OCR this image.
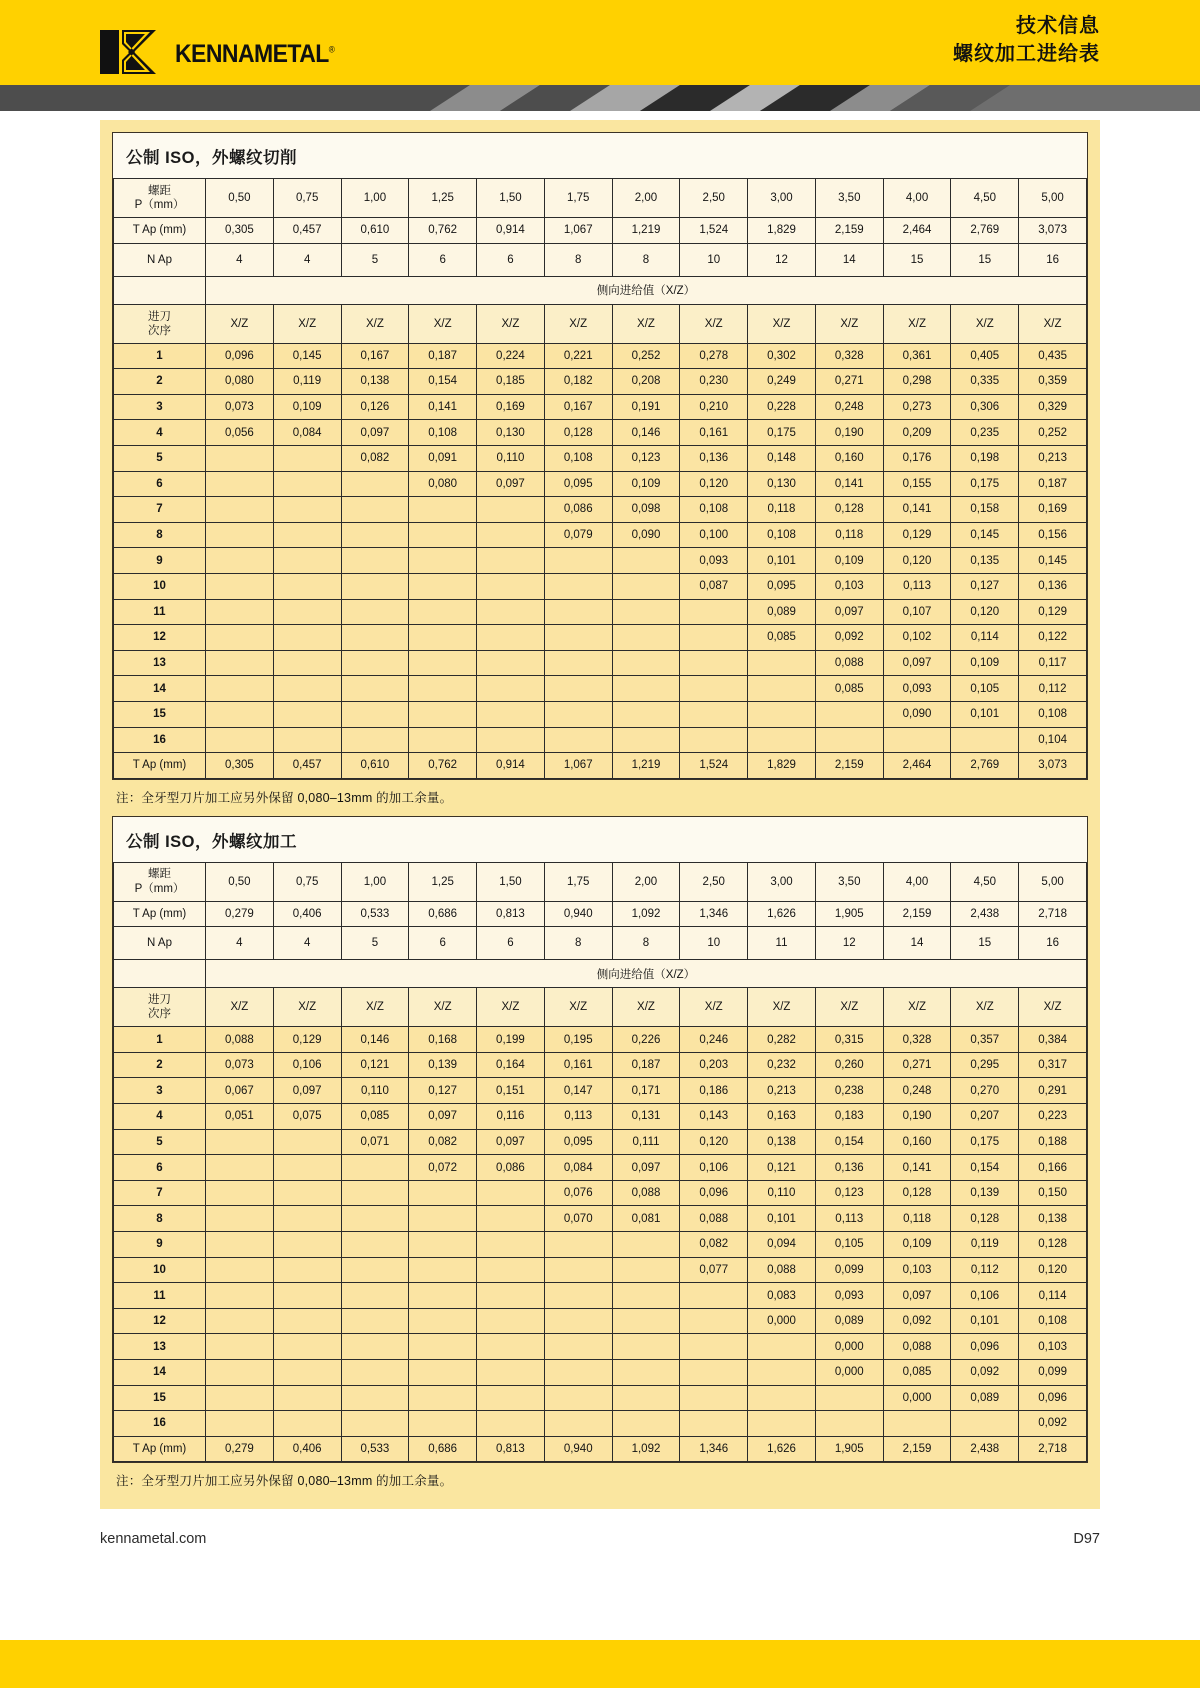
KENNAMETAL®
技术信息
螺纹加工进给表
公制 ISO，外螺纹切削
螺距
P（mm）	0,50	0,75	1,00	1,25	1,50	1,75	2,00	2,50	3,00	3,50	4,00	4,50	5,00
T Ap (mm)	0,305	0,457	0,610	0,762	0,914	1,067	1,219	1,524	1,829	2,159	2,464	2,769	3,073
N Ap	4	4	5	6	6	8	8	10	12	14	15	15	16
	侧向进给值（X/Z）												

进刀
次序	X/Z	X/Z	X/Z	X/Z	X/Z	X/Z	X/Z	X/Z	X/Z	X/Z	X/Z	X/Z	X/Z
1	0,096	0,145	0,167	0,187	0,224	0,221	0,252	0,278	0,302	0,328	0,361	0,405	0,435
2	0,080	0,119	0,138	0,154	0,185	0,182	0,208	0,230	0,249	0,271	0,298	0,335	0,359
3	0,073	0,109	0,126	0,141	0,169	0,167	0,191	0,210	0,228	0,248	0,273	0,306	0,329
4	0,056	0,084	0,097	0,108	0,130	0,128	0,146	0,161	0,175	0,190	0,209	0,235	0,252
5			0,082	0,091	0,110	0,108	0,123	0,136	0,148	0,160	0,176	0,198	0,213
6				0,080	0,097	0,095	0,109	0,120	0,130	0,141	0,155	0,175	0,187
7						0,086	0,098	0,108	0,118	0,128	0,141	0,158	0,169
8						0,079	0,090	0,100	0,108	0,118	0,129	0,145	0,156
9								0,093	0,101	0,109	0,120	0,135	0,145
10								0,087	0,095	0,103	0,113	0,127	0,136
11									0,089	0,097	0,107	0,120	0,129
12									0,085	0,092	0,102	0,114	0,122
13										0,088	0,097	0,109	0,117
14										0,085	0,093	0,105	0,112
15											0,090	0,101	0,108
16													0,104
T Ap (mm)	0,305	0,457	0,610	0,762	0,914	1,067	1,219	1,524	1,829	2,159	2,464	2,769	3,073
注：全牙型刀片加工应另外保留 0,080–13mm 的加工余量。
公制 ISO，外螺纹加工
螺距
P（mm）	0,50	0,75	1,00	1,25	1,50	1,75	2,00	2,50	3,00	3,50	4,00	4,50	5,00
T Ap (mm)	0,279	0,406	0,533	0,686	0,813	0,940	1,092	1,346	1,626	1,905	2,159	2,438	2,718
N Ap	4	4	5	6	6	8	8	10	11	12	14	15	16
	侧向进给值（X/Z）												

进刀
次序	X/Z	X/Z	X/Z	X/Z	X/Z	X/Z	X/Z	X/Z	X/Z	X/Z	X/Z	X/Z	X/Z
1	0,088	0,129	0,146	0,168	0,199	0,195	0,226	0,246	0,282	0,315	0,328	0,357	0,384
2	0,073	0,106	0,121	0,139	0,164	0,161	0,187	0,203	0,232	0,260	0,271	0,295	0,317
3	0,067	0,097	0,110	0,127	0,151	0,147	0,171	0,186	0,213	0,238	0,248	0,270	0,291
4	0,051	0,075	0,085	0,097	0,116	0,113	0,131	0,143	0,163	0,183	0,190	0,207	0,223
5			0,071	0,082	0,097	0,095	0,111	0,120	0,138	0,154	0,160	0,175	0,188
6				0,072	0,086	0,084	0,097	0,106	0,121	0,136	0,141	0,154	0,166
7						0,076	0,088	0,096	0,110	0,123	0,128	0,139	0,150
8						0,070	0,081	0,088	0,101	0,113	0,118	0,128	0,138
9								0,082	0,094	0,105	0,109	0,119	0,128
10								0,077	0,088	0,099	0,103	0,112	0,120
11									0,083	0,093	0,097	0,106	0,114
12									0,000	0,089	0,092	0,101	0,108
13										0,000	0,088	0,096	0,103
14										0,000	0,085	0,092	0,099
15											0,000	0,089	0,096
16													0,092
T Ap (mm)	0,279	0,406	0,533	0,686	0,813	0,940	1,092	1,346	1,626	1,905	2,159	2,438	2,718
注：全牙型刀片加工应另外保留 0,080–13mm 的加工余量。
kennametal.com	D97
